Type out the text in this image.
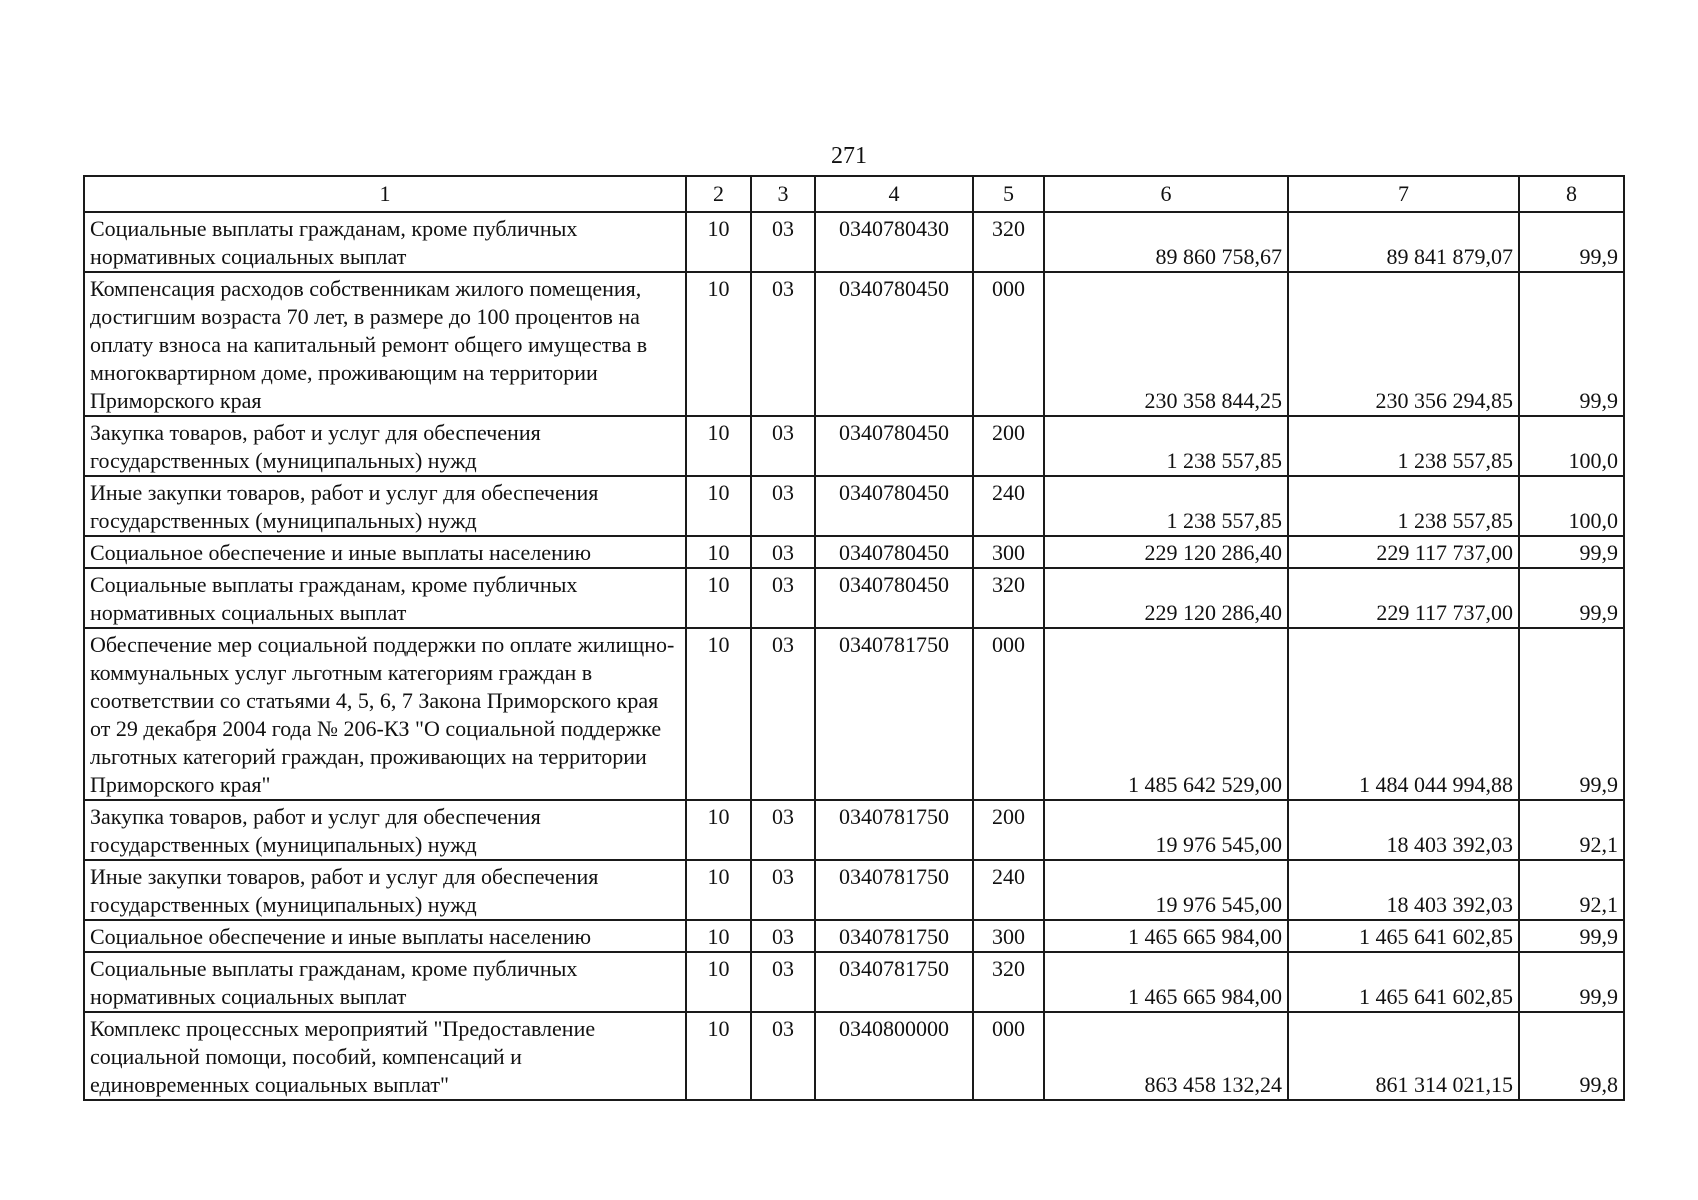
271
1	2	3	4	5	6	7	8
Социальные выплаты гражданам, кроме публичных нормативных социальных выплат	10	03	0340780430	320	89 860 758,67	89 841 879,07	99,9
Компенсация расходов собственникам жилого помещения, достигшим возраста 70 лет, в размере до 100 процентов на оплату взноса на капитальный ремонт общего имущества в многоквартирном доме, проживающим на территории Приморского края	10	03	0340780450	000	230 358 844,25	230 356 294,85	99,9
Закупка товаров, работ и услуг для обеспечения государственных (муниципальных) нужд	10	03	0340780450	200	1 238 557,85	1 238 557,85	100,0
Иные закупки товаров, работ и услуг для обеспечения государственных (муниципальных) нужд	10	03	0340780450	240	1 238 557,85	1 238 557,85	100,0
Социальное обеспечение и иные выплаты населению	10	03	0340780450	300	229 120 286,40	229 117 737,00	99,9
Социальные выплаты гражданам, кроме публичных нормативных социальных выплат	10	03	0340780450	320	229 120 286,40	229 117 737,00	99,9
Обеспечение мер социальной поддержки по оплате жилищно-коммунальных услуг льготным категориям граждан в соответствии со статьями 4, 5, 6, 7 Закона Приморского края от 29 декабря 2004 года № 206-КЗ "О социальной поддержке льготных категорий граждан, проживающих на территории Приморского края"	10	03	0340781750	000	1 485 642 529,00	1 484 044 994,88	99,9
Закупка товаров, работ и услуг для обеспечения государственных (муниципальных) нужд	10	03	0340781750	200	19 976 545,00	18 403 392,03	92,1
Иные закупки товаров, работ и услуг для обеспечения государственных (муниципальных) нужд	10	03	0340781750	240	19 976 545,00	18 403 392,03	92,1
Социальное обеспечение и иные выплаты населению	10	03	0340781750	300	1 465 665 984,00	1 465 641 602,85	99,9
Социальные выплаты гражданам, кроме публичных нормативных социальных выплат	10	03	0340781750	320	1 465 665 984,00	1 465 641 602,85	99,9
Комплекс процессных мероприятий "Предоставление социальной помощи, пособий, компенсаций и единовременных социальных выплат"	10	03	0340800000	000	863 458 132,24	861 314 021,15	99,8
